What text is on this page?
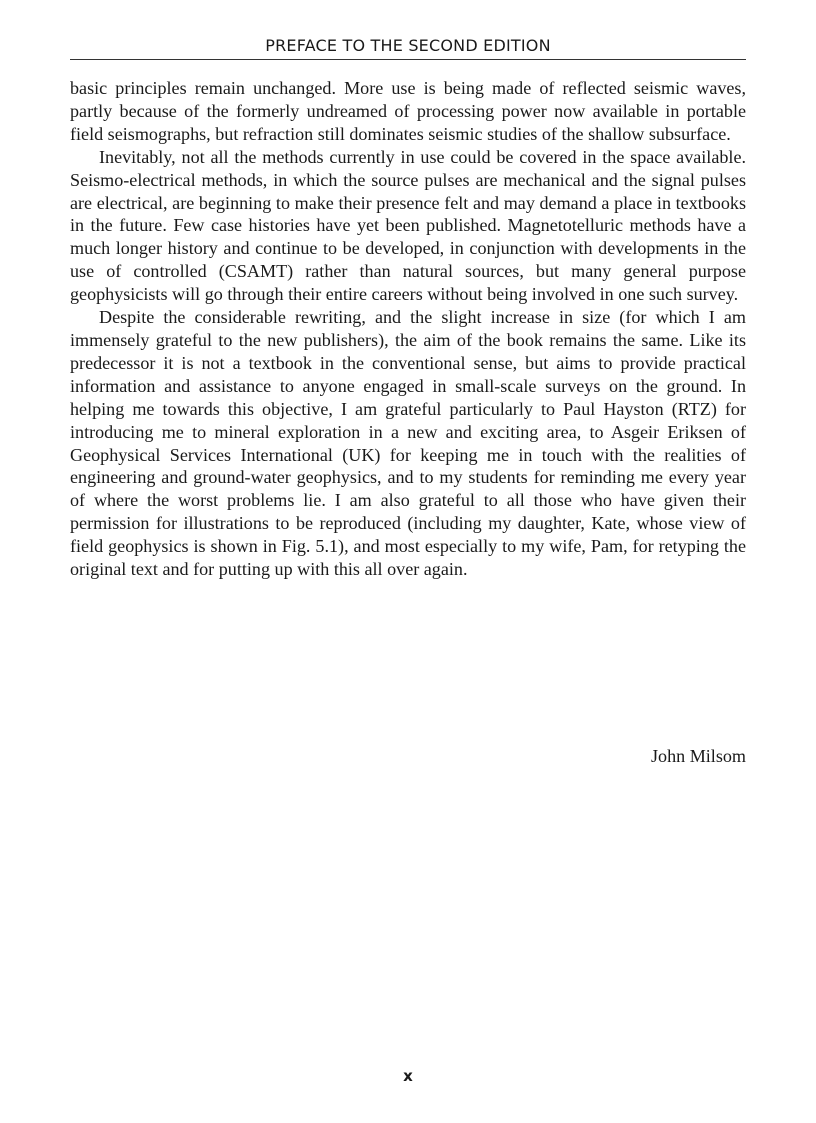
PREFACE TO THE SECOND EDITION

basic principles remain unchanged. More use is being made of reflected seismic waves, partly because of the formerly undreamed of processing power now available in portable field seismographs, but refraction still dominates seismic studies of the shallow subsurface.

Inevitably, not all the methods currently in use could be covered in the space available. Seismo-electrical methods, in which the source pulses are mechanical and the signal pulses are electrical, are beginning to make their presence felt and may demand a place in textbooks in the future. Few case histories have yet been published. Magnetotelluric methods have a much longer history and continue to be developed, in conjunction with developments in the use of controlled (CSAMT) rather than natural sources, but many general purpose geophysicists will go through their entire careers without being involved in one such survey.

Despite the considerable rewriting, and the slight increase in size (for which I am immensely grateful to the new publishers), the aim of the book remains the same. Like its predecessor it is not a textbook in the conventional sense, but aims to provide practical information and assistance to anyone engaged in small-scale surveys on the ground. In helping me towards this objective, I am grateful particularly to Paul Hayston (RTZ) for introducing me to mineral exploration in a new and exciting area, to Asgeir Eriksen of Geophysical Services International (UK) for keeping me in touch with the realities of engineering and ground-water geophysics, and to my students for reminding me every year of where the worst problems lie. I am also grateful to all those who have given their permission for illustrations to be reproduced (including my daughter, Kate, whose view of field geophysics is shown in Fig. 5.1), and most especially to my wife, Pam, for retyping the original text and for putting up with this all over again.

John Milsom
x
